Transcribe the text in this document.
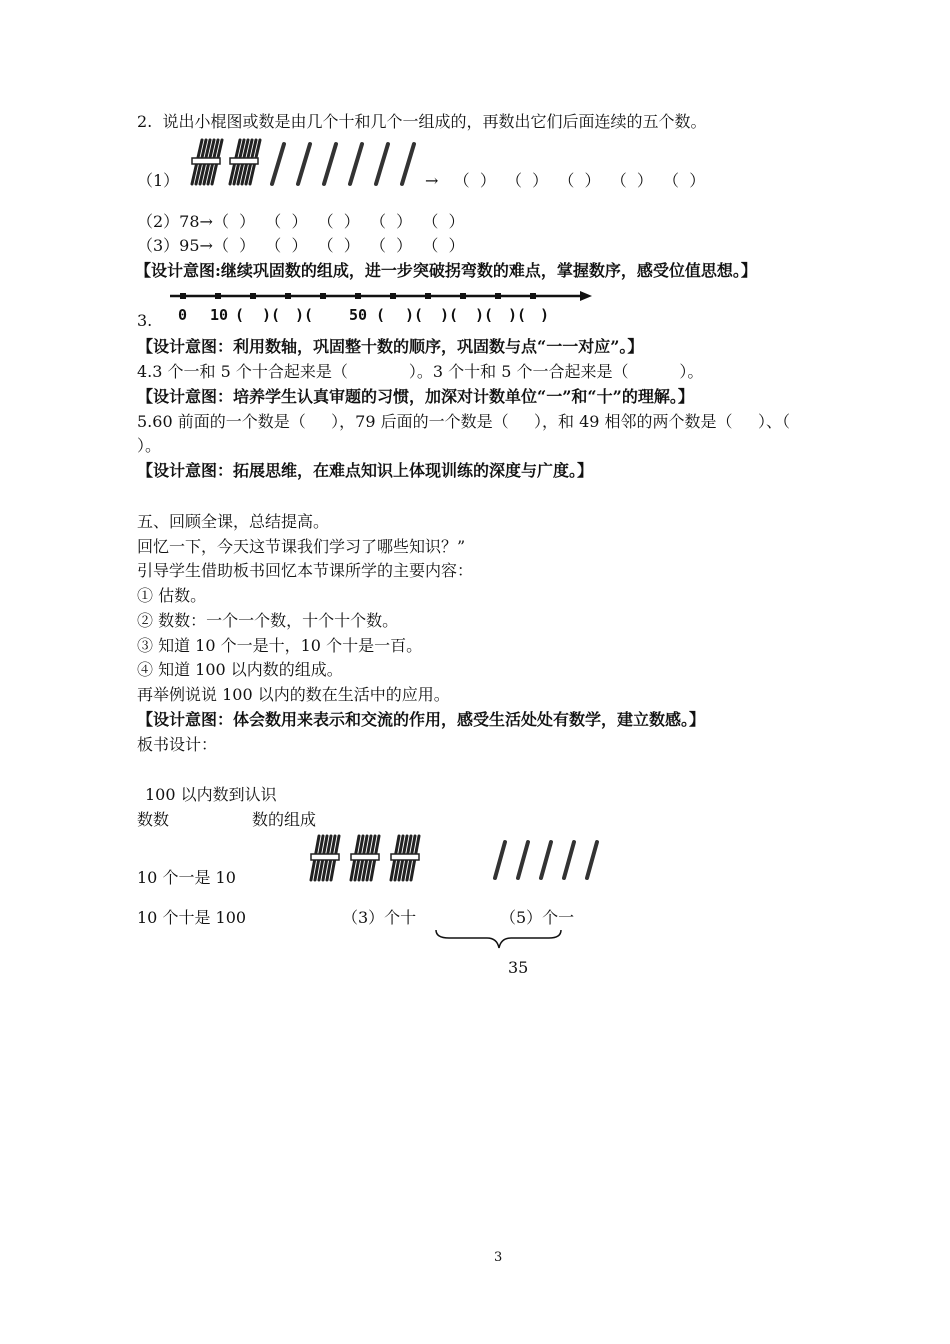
2.  说出小棍图或数是由几个十和几个一组成的，再数出它们后面连续的五个数。
（1）	→   （  ）  （  ）  （  ）  （  ）  （  ）
（2）78→（  ）  （  ）  （  ）  （  ）  （  ）
（3）95→（  ）  （  ）  （  ）  （  ）  （  ）
【设计意图:继续巩固数的组成，进一步突破拐弯数的难点，掌握数序，感受位值思想。】
0 10 ( )( )( 50 ( )( )( )( )( )
3.
【设计意图：利用数轴，巩固整十数的顺序，巩固数与点“一一对应”。】
4.3 个一和 5 个十合起来是（            ）。3 个十和 5 个一合起来是（          ）。
【设计意图：培养学生认真审题的习惯，加深对计数单位“一”和“十”的理解。】
5.60 前面的一个数是（     ），79 后面的一个数是（     ），和 49 相邻的两个数是（     ）、（
）。
【设计意图：拓展思维，在难点知识上体现训练的深度与广度。】
五、回顾全课，总结提高。
回忆一下，今天这节课我们学习了哪些知识？”
引导学生借助板书回忆本节课所学的主要内容：
① 估数。
② 数数：一个一个数，十个十个数。
③ 知道 10 个一是十，10 个十是一百。
④ 知道 100 以内数的组成。
再举例说说 100 以内的数在生活中的应用。
【设计意图：体会数用来表示和交流的作用，感受生活处处有数学，建立数感。】
板书设计：
100 以内数到认识
数数	数的组成
10 个一是 10
10 个十是 100	（3）个十	（5）个一
35
3
